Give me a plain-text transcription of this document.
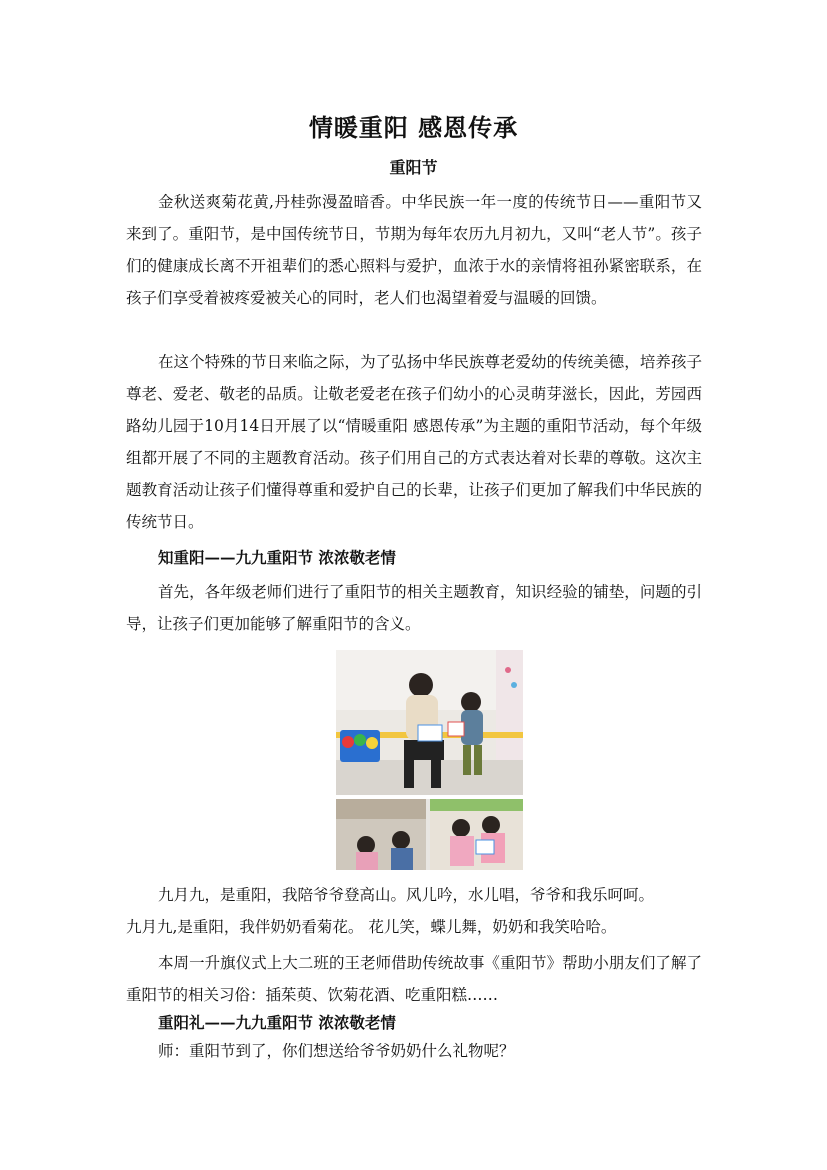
情暖重阳 感恩传承
重阳节

金秋送爽菊花黄,丹桂弥漫盈暗香。中华民族一年一度的传统节日——重阳节又来到了。重阳节，是中国传统节日，节期为每年农历九月初九，又叫“老人节”。孩子们的健康成长离不开祖辈们的悉心照料与爱护，血浓于水的亲情将祖孙紧密联系，在孩子们享受着被疼爱被关心的同时，老人们也渴望着爱与温暖的回馈。

在这个特殊的节日来临之际，为了弘扬中华民族尊老爱幼的传统美德，培养孩子尊老、爱老、敬老的品质。让敬老爱老在孩子们幼小的心灵萌芽滋长，因此，芳园西路幼儿园于10月14日开展了以“情暖重阳 感恩传承”为主题的重阳节活动，每个年级组都开展了不同的主题教育活动。孩子们用自己的方式表达着对长辈的尊敬。这次主题教育活动让孩子们懂得尊重和爱护自己的长辈，让孩子们更加了解我们中华民族的传统节日。

知重阳——九九重阳节 浓浓敬老情

首先，各年级老师们进行了重阳节的相关主题教育，知识经验的铺垫，问题的引导，让孩子们更加能够了解重阳节的含义。

九月九，是重阳，我陪爷爷登高山。风儿吟，水儿唱，爷爷和我乐呵呵。

九月九,是重阳，我伴奶奶看菊花。 花儿笑，蝶儿舞，奶奶和我笑哈哈。

本周一升旗仪式上大二班的王老师借助传统故事《重阳节》帮助小朋友们了解了重阳节的相关习俗：插茱萸、饮菊花酒、吃重阳糕……

重阳礼——九九重阳节 浓浓敬老情

师：重阳节到了，你们想送给爷爷奶奶什么礼物呢？
